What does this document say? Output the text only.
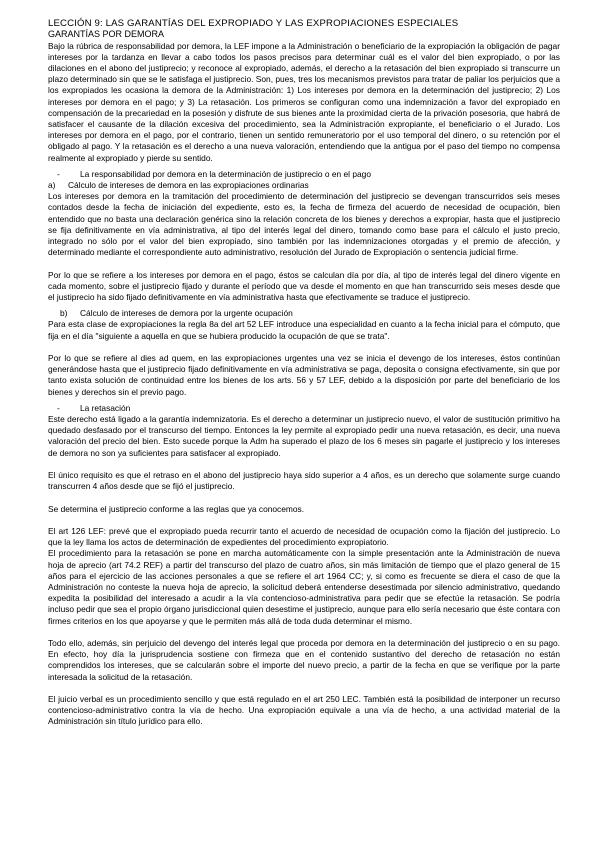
LECCIÓN 9: LAS GARANTÍAS DEL EXPROPIADO Y LAS EXPROPIACIONES ESPECIALES

GARANTÍAS POR DEMORA

Bajo la rúbrica de responsabilidad por demora, la LEF impone a la Administración o beneficiario de la expropiación la obligación de pagar intereses por la tardanza en llevar a cabo todos los pasos precisos para determinar cuál es el valor del bien expropiado, o por las dilaciones en el abono del justiprecio; y reconoce al expropiado, además, el derecho a la retasación del bien expropiado si transcurre un plazo determinado sin que se le satisfaga el justiprecio. Son, pues, tres los mecanismos previstos para tratar de paliar los perjuicios que a los expropiados les ocasiona la demora de la Administración: 1) Los intereses por demora en la determinación del justiprecio; 2) Los intereses por demora en el pago; y 3) La retasación. Los primeros se configuran como una indemnización a favor del expropiado en compensación de la precariedad en la posesión y disfrute de sus bienes ante la proximidad cierta de la privación posesoria, que habrá de satisfacer el causante de la dilación excesiva del procedimiento, sea la Administración expropiante, el beneficiario o el Jurado. Los intereses por demora en el pago, por el contrario, tienen un sentido remuneratorio por el uso temporal del dinero, o su retención por el obligado al pago. Y la retasación es el derecho a una nueva valoración, entendiendo que la antigua por el paso del tiempo no compensa realmente al expropiado y pierde su sentido.

- La responsabilidad por demora en la determinación de justiprecio o en el pago

a) Cálculo de intereses de demora en las expropiaciones ordinarias

Los intereses por demora en la tramitación del procedimiento de determinación del justiprecio se devengan transcurridos seis meses contados desde la fecha de iniciación del expediente, esto es, la fecha de firmeza del acuerdo de necesidad de ocupación, bien entendido que no basta una declaración genérica sino la relación concreta de los bienes y derechos a expropiar, hasta que el justiprecio se fija definitivamente en vía administrativa, al tipo del interés legal del dinero, tomando como base para el cálculo el justo precio, integrado no sólo por el valor del bien expropiado, sino también por las indemnizaciones otorgadas y el premio de afección, y determinado mediante el correspondiente auto administrativo, resolución del Jurado de Expropiación o sentencia judicial firme.

Por lo que se refiere a los intereses por demora en el pago, éstos se calculan día por día, al tipo de interés legal del dinero vigente en cada momento, sobre el justiprecio fijado y durante el período que va desde el momento en que han transcurrido seis meses desde que el justiprecio ha sido fijado definitivamente en vía administrativa hasta que efectivamente se traduce el justiprecio.

b) Cálculo de intereses de demora por la urgente ocupación

Para esta clase de expropiaciones la regla 8a del art 52 LEF introduce una especialidad en cuanto a la fecha inicial para el cómputo, que fija en el día "siguiente a aquella en que se hubiera producido la ocupación de que se trata".

Por lo que se refiere al dies ad quem, en las expropiaciones urgentes una vez se inicia el devengo de los intereses, éstos continúan generándose hasta que el justiprecio fijado definitivamente en vía administrativa se paga, deposita o consigna efectivamente, sin que por tanto exista solución de continuidad entre los bienes de los arts. 56 y 57 LEF, debido a la disposición por parte del beneficiario de los bienes y derechos sin el previo pago.

- La retasación

Este derecho está ligado a la garantía indemnizatoria. Es el derecho a determinar un justiprecio nuevo, el valor de sustitución primitivo ha quedado desfasado por el transcurso del tiempo. Entonces la ley permite al expropiado pedir una nueva retasación, es decir, una nueva valoración del precio del bien. Esto sucede porque la Adm ha superado el plazo de los 6 meses sin pagarle el justiprecio y los intereses de demora no son ya suficientes para satisfacer al expropiado.

El único requisito es que el retraso en el abono del justiprecio haya sido superior a 4 años, es un derecho que solamente surge cuando transcurren 4 años desde que se fijó el justiprecio.

Se determina el justiprecio conforme a las reglas que ya conocemos.

El art 126 LEF: prevé que el expropiado pueda recurrir tanto el acuerdo de necesidad de ocupación como la fijación del justiprecio. Lo que la ley llama los actos de determinación de expedientes del procedimiento expropiatorio.

El procedimiento para la retasación se pone en marcha automáticamente con la simple presentación ante la Administración de nueva hoja de aprecio (art 74.2 REF) a partir del transcurso del plazo de cuatro años, sin más limitación de tiempo que el plazo general de 15 años para el ejercicio de las acciones personales a que se refiere el art 1964 CC; y, si como es frecuente se diera el caso de que la Administración no conteste la nueva hoja de aprecio, la solicitud deberá entenderse desestimada por silencio administrativo, quedando expedita la posibilidad del interesado a acudir a la vía contencioso-administrativa para pedir que se efectúe la retasación. Se podría incluso pedir que sea el propio órgano jurisdiccional quien desestime el justiprecio, aunque para ello sería necesario que éste contara con firmes criterios en los que apoyarse y que le permiten más allá de toda duda determinar el mismo.

Todo ello, además, sin perjuicio del devengo del interés legal que proceda por demora en la determinación del justiprecio o en su pago. En efecto, hoy día la jurisprudencia sostiene con firmeza que en el contenido sustantivo del derecho de retasación no están comprendidos los intereses, que se calcularán sobre el importe del nuevo precio, a partir de la fecha en que se verifique por la parte interesada la solicitud de la retasación.

El juicio verbal es un procedimiento sencillo y que está regulado en el art 250 LEC. También está la posibilidad de interponer un recurso contencioso-administrativo contra la vía de hecho. Una expropiación equivale a una vía de hecho, a una actividad material de la Administración sin título jurídico para ello.
